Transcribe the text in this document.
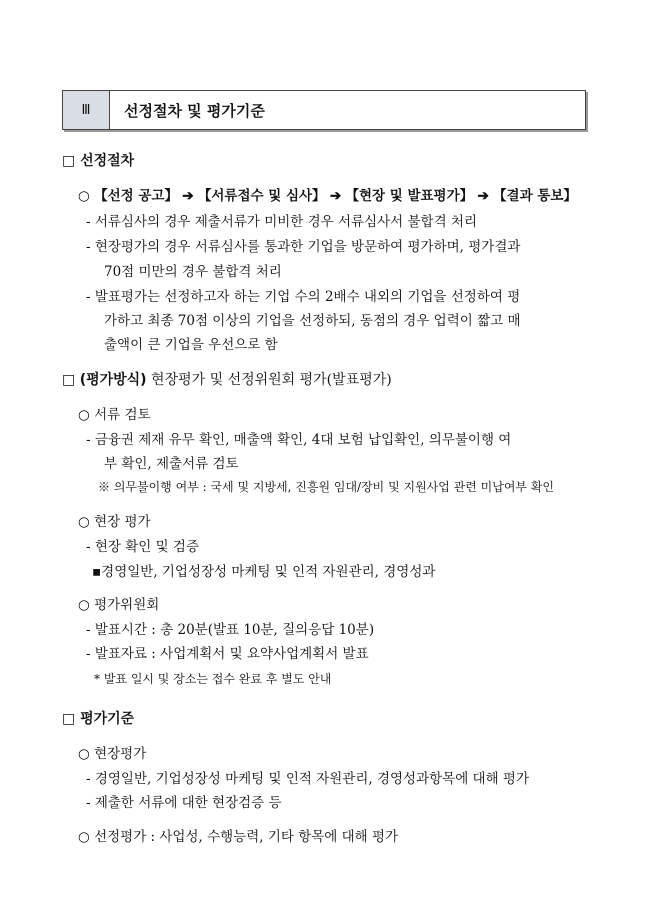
Ⅲ	선정절차 및 평가기준
□ 선정절차
○ 【선정 공고】 ➔ 【서류접수 및 심사】 ➔ 【현장 및 발표평가】 ➔ 【결과 통보】
- 서류심사의 경우 제출서류가 미비한 경우 서류심사서 불합격 처리
- 현장평가의 경우 서류심사를 통과한 기업을 방문하여 평가하며, 평가결과
70점 미만의 경우 불합격 처리
- 발표평가는 선정하고자 하는 기업 수의 2배수 내외의 기업을 선정하여 평
가하고 최종 70점 이상의 기업을 선정하되, 동점의 경우 업력이 짧고 매
출액이 큰 기업을 우선으로 함
□ (평가방식) 현장평가 및 선정위원회 평가(발표평가)
○ 서류 검토
- 금융권 제재 유무 확인, 매출액 확인, 4대 보험 납입확인, 의무불이행 여
부 확인, 제출서류 검토
※ 의무불이행 여부 : 국세 및 지방세, 진흥원 임대/장비 및 지원사업 관련 미납여부 확인
○ 현장 평가
- 현장 확인 및 검증
▪경영일반, 기업성장성 마케팅 및 인적 자원관리, 경영성과
○ 평가위원회
- 발표시간 : 총 20분(발표 10분, 질의응답 10분)
- 발표자료 : 사업계획서 및 요약사업계획서 발표
* 발표 일시 및 장소는 접수 완료 후 별도 안내
□ 평가기준
○ 현장평가
- 경영일반, 기업성장성 마케팅 및 인적 자원관리, 경영성과항목에 대해 평가
- 제출한 서류에 대한 현장검증 등
○ 선정평가 : 사업성, 수행능력, 기타 항목에 대해 평가
